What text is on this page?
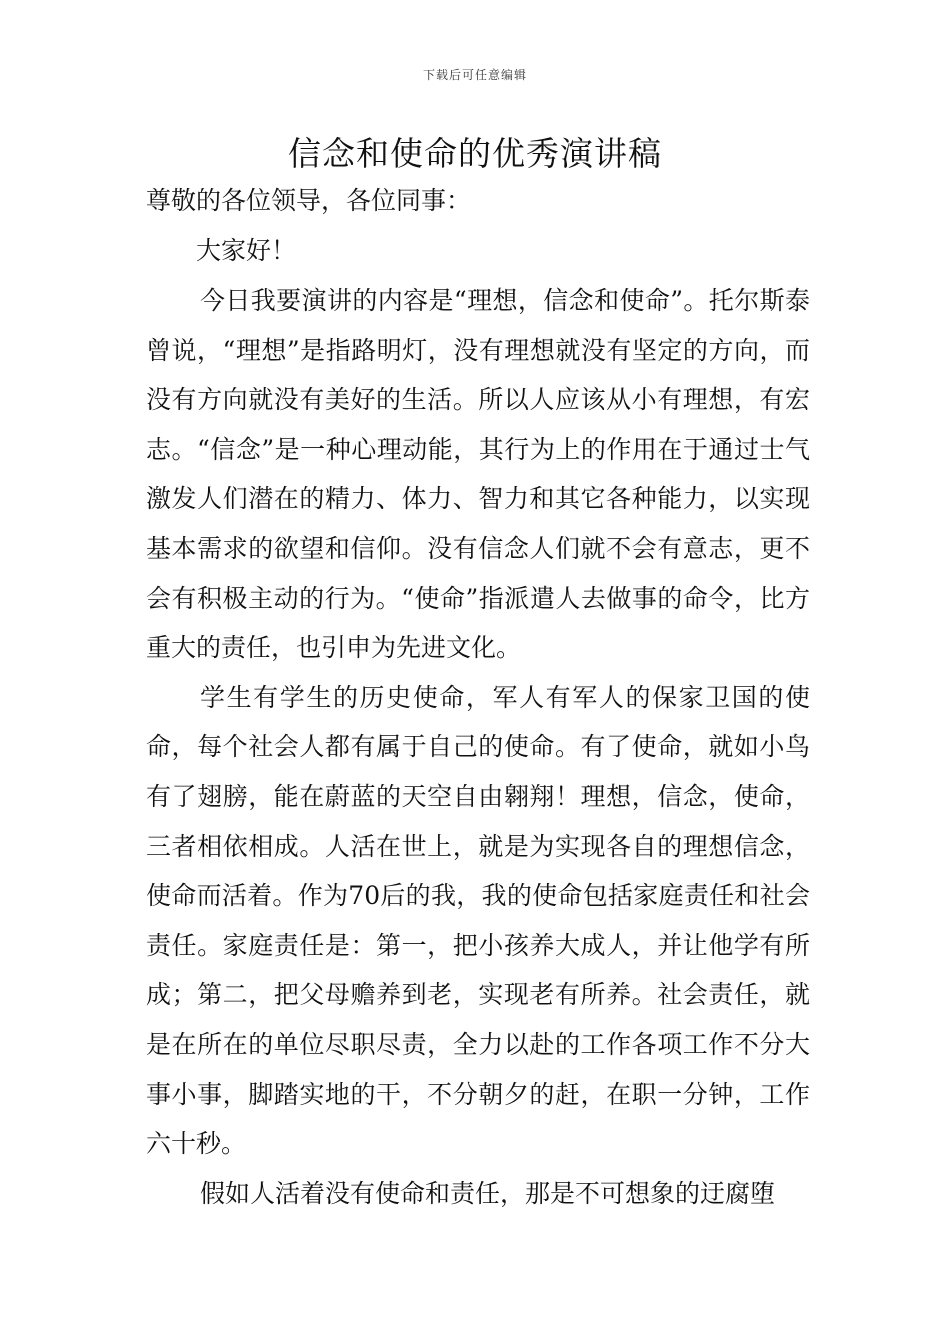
下载后可任意编辑
信念和使命的优秀演讲稿

尊敬的各位领导，各位同事：

大家好！

今日我要演讲的内容是“理想，信念和使命”。托尔斯泰曾说，“理想”是指路明灯，没有理想就没有坚定的方向，而没有方向就没有美好的生活。所以人应该从小有理想，有宏志。“信念”是一种心理动能，其行为上的作用在于通过士气激发人们潜在的精力、体力、智力和其它各种能力，以实现基本需求的欲望和信仰。没有信念人们就不会有意志，更不会有积极主动的行为。“使命”指派遣人去做事的命令，比方重大的责任，也引申为先进文化。

学生有学生的历史使命，军人有军人的保家卫国的使命，每个社会人都有属于自己的使命。有了使命，就如小鸟有了翅膀，能在蔚蓝的天空自由翱翔！理想，信念，使命，三者相依相成。人活在世上，就是为实现各自的理想信念，使命而活着。作为70后的我，我的使命包括家庭责任和社会责任。家庭责任是：第一，把小孩养大成人，并让他学有所成；第二，把父母赡养到老，实现老有所养。社会责任，就是在所在的单位尽职尽责，全力以赴的工作各项工作不分大事小事，脚踏实地的干，不分朝夕的赶，在职一分钟，工作六十秒。

假如人活着没有使命和责任，那是不可想象的迂腐堕
